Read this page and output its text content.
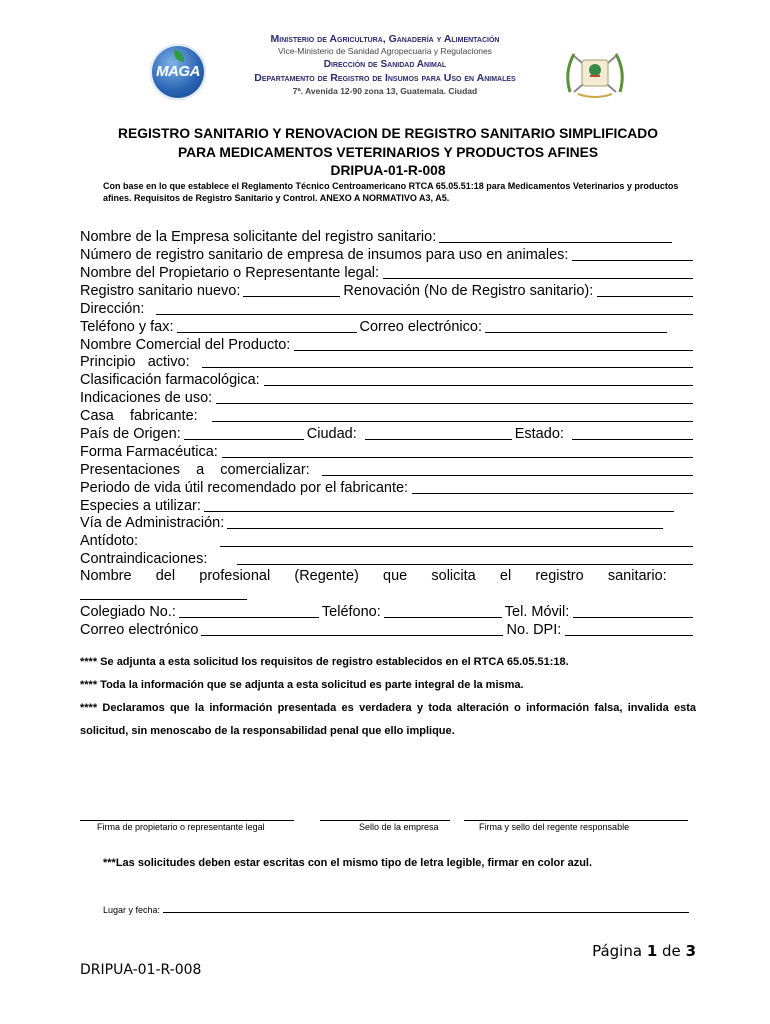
MAGA
Ministerio de Agricultura, Ganadería y Alimentación
Vice-Ministerio de Sanidad Agropecuaria y Regulaciones
Dirección de Sanidad Animal
Departamento de Registro de Insumos para Uso en Animales
7ª. Avenida 12-90 zona 13, Guatemala. Ciudad
REGISTRO SANITARIO Y RENOVACION DE REGISTRO SANITARIO SIMPLIFICADO
PARA MEDICAMENTOS VETERINARIOS Y PRODUCTOS AFINES
DRIPUA-01-R-008
Con base en lo que establece el Reglamento Técnico Centroamericano RTCA 65.05.51:18 para Medicamentos Veterinarios y productos afines. Requisitos de Registro Sanitario y Control. ANEXO A NORMATIVO A3, A5.
Nombre de la Empresa solicitante del registro sanitario:
Número de registro sanitario de empresa de insumos para uso en animales:
Nombre del Propietario o Representante legal:
Registro sanitario nuevo:	Renovación (No de Registro sanitario):
Dirección:
Teléfono y fax:	Correo electrónico:
Nombre Comercial del Producto:
Principio   activo:
Clasificación farmacológica:
Indicaciones de uso:
Casa    fabricante:
País de Origen:	Ciudad:	Estado:
Forma Farmacéutica:
Presentaciones    a    comercializar:
Periodo de vida útil recomendado por el fabricante:
Especies a utilizar:
Vía de Administración:
Antídoto:
Contraindicaciones:
Nombre      del      profesional      (Regente)      que      solicita      el      registro      sanitario:
Colegiado No.:	Teléfono:	Tel. Móvil:
Correo electrónico	No. DPI:
**** Se adjunta a esta solicitud los requisitos de registro establecidos en el RTCA 65.05.51:18.
**** Toda la información que se adjunta a esta solicitud es parte integral de la misma.
**** Declaramos que la información presentada es verdadera y toda alteración o información falsa, invalida esta solicitud, sin menoscabo de la responsabilidad penal que ello implique.
Firma de propietario o representante legal	Sello de la empresa	Firma y sello del regente responsable
***Las solicitudes deben estar escritas con el mismo tipo de letra legible, firmar en color azul.
Lugar y fecha:
Página 1 de 3
DRIPUA-01-R-008
